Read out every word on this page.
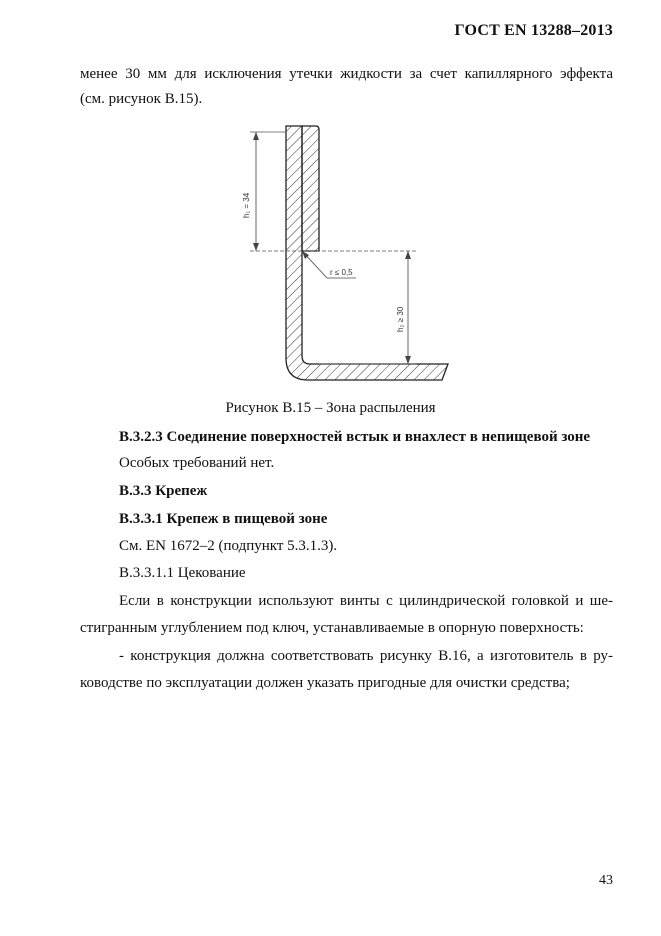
ГОСТ EN 13288–2013
менее 30 мм для исключения утечки жидкости за счет капиллярного эффекта
(см. рисунок В.15).
h₁ = 34
h₂ ≥ 30
r ≤ 0,5
Рисунок В.15 – Зона распыления
В.3.2.3 Соединение поверхностей встык и внахлест в непищевой зоне
Особых требований нет.
В.3.3 Крепеж
В.3.3.1 Крепеж в пищевой зоне
См. EN 1672–2 (подпункт 5.3.1.3).
В.3.3.1.1 Цекование
Если в конструкции используют винты с цилиндрической головкой и ше-
стигранным углублением под ключ, устанавливаемые в опорную поверхность:
- конструкция должна соответствовать рисунку В.16, а изготовитель в ру-
ководстве по эксплуатации должен указать пригодные для очистки средства;
43
